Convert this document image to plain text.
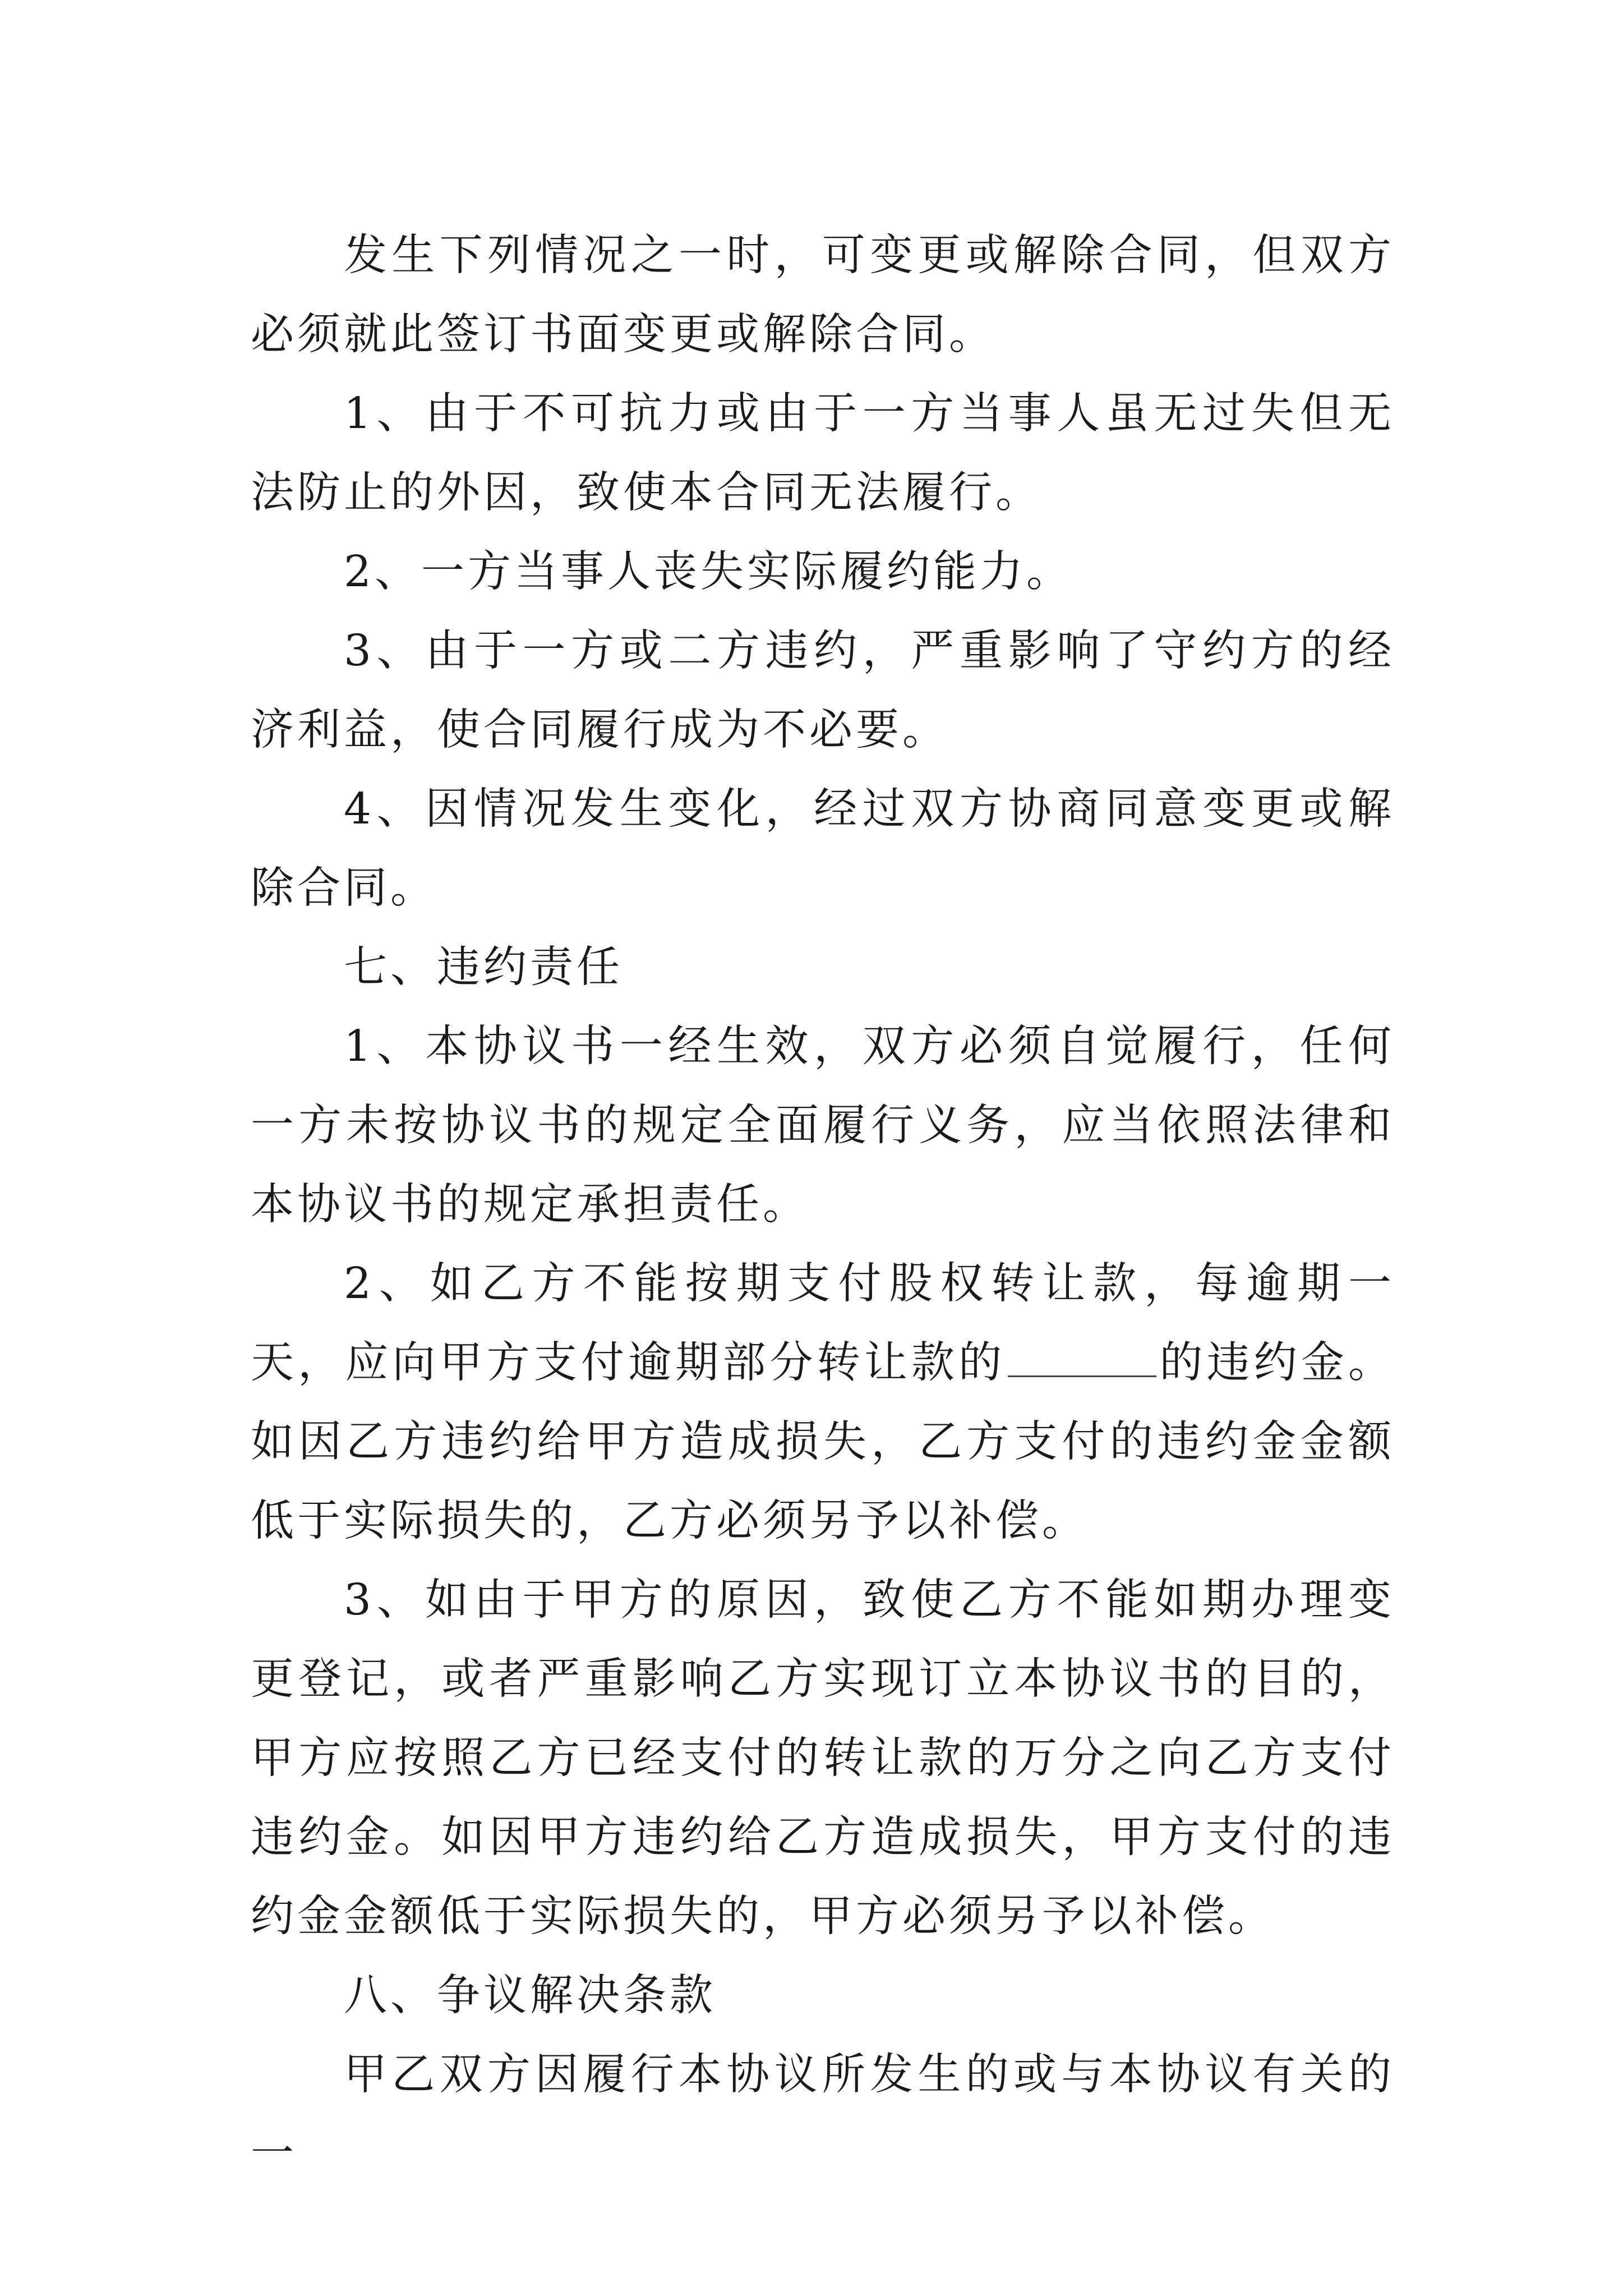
发生下列情况之一时，可变更或解除合同，但双方必须就此签订书面变更或解除合同。

1、由于不可抗力或由于一方当事人虽无过失但无法防止的外因，致使本合同无法履行。

2、一方当事人丧失实际履约能力。

3、由于一方或二方违约，严重影响了守约方的经济利益，使合同履行成为不必要。

4、因情况发生变化，经过双方协商同意变更或解除合同。

七、违约责任

1、本协议书一经生效，双方必须自觉履行，任何一方未按协议书的规定全面履行义务，应当依照法律和本协议书的规定承担责任。

2、如乙方不能按期支付股权转让款，每逾期一天，应向甲方支付逾期部分转让款的	的违约金。如因乙方违约给甲方造成损失，乙方支付的违约金金额低于实际损失的，乙方必须另予以补偿。

3、如由于甲方的原因，致使乙方不能如期办理变更登记，或者严重影响乙方实现订立本协议书的目的，甲方应按照乙方已经支付的转让款的万分之向乙方支付违约金。如因甲方违约给乙方造成损失，甲方支付的违约金金额低于实际损失的，甲方必须另予以补偿。

八、争议解决条款

甲乙双方因履行本协议所发生的或与本协议有关的一
